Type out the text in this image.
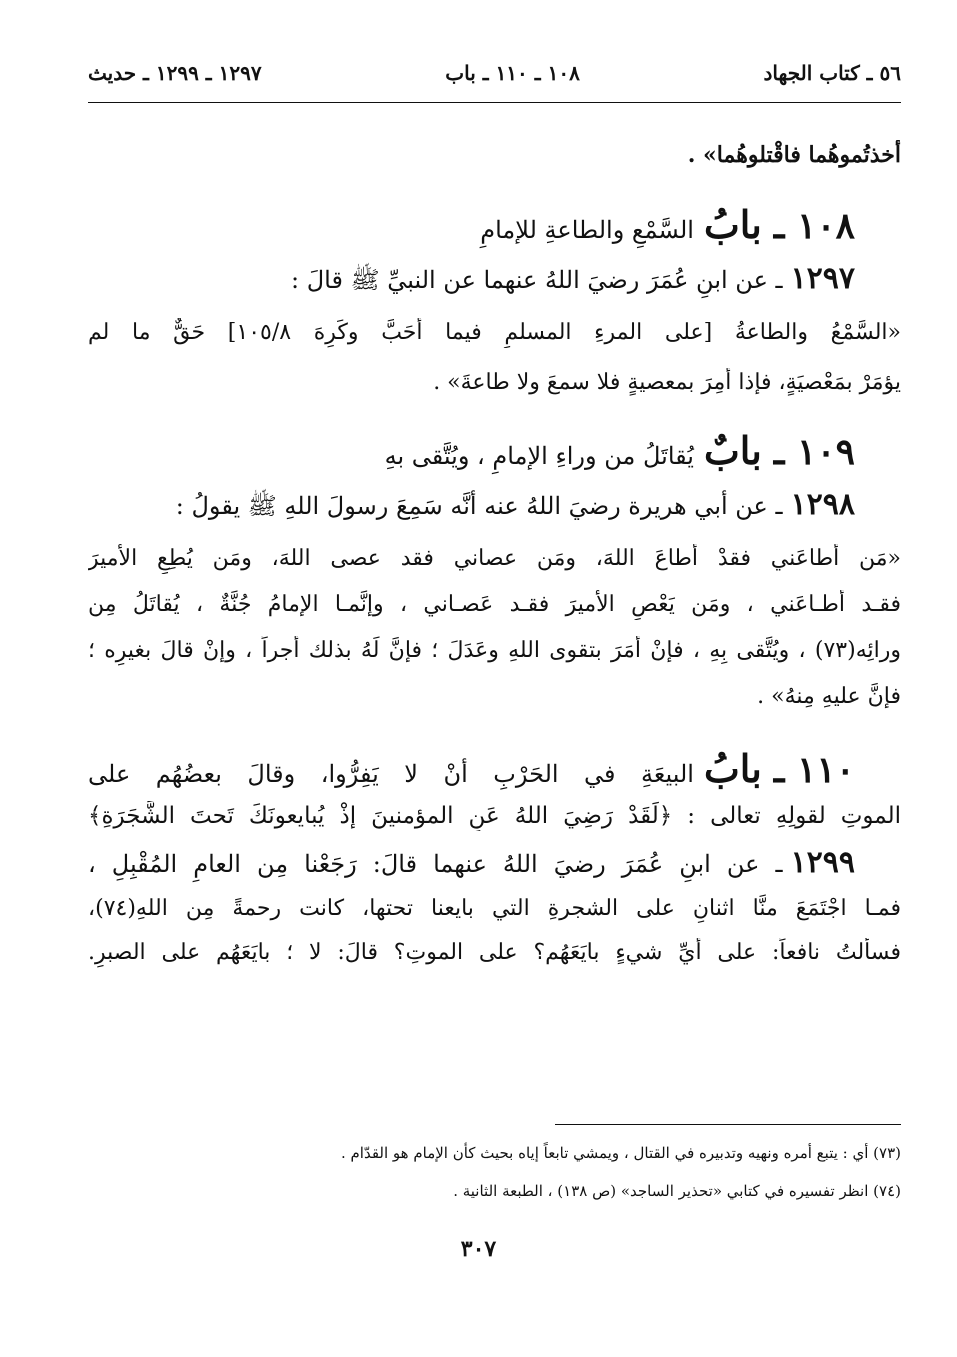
٥٦ ـ كتاب الجهاد
١٠٨ ـ ١١٠ ـ باب
١٢٩٧ ـ ١٢٩٩ ـ حديث
أخذتُموهُما فاقْتلوهُما» .
١٠٨ ـ
بابُ
السَّمْعِ والطاعةِ للإمامِ
١٢٩٧
ـ عن ابنِ عُمَرَ رضيَ اللهُ عنهما عن النبيِّ ﷺ قالَ :
«السَّمْعُ والطاعةُ [على المرءِ المسلمِ فيما أَحَبَّ وكَرِهَ ١٠٥/٨] حَقٌّ ما لم
يؤمَرْ بمَعْصيَةٍ، فإذا أُمِرَ بمعصيةٍ فلا سمعَ ولا طاعةَ» .
١٠٩ ـ
بابٌ
يُقاتَلُ من وراءِ الإمامِ ، ويُتَّقى بهِ
١٢٩٨
ـ عن أبي هريرة رضيَ اللهُ عنه أنَّه سَمِعَ رسولَ اللهِ ﷺ يقولُ :
«مَن أطاعَني فقدْ أطاعَ اللهَ، ومَن عصاني فقد عصى اللهَ، ومَن يُطِعِ الأميرَ
فقـد أطـاعَني ، ومَن يَعْصِ الأميرَ فقـد عَصـاني ، وإنَّمـا الإمامُ جُنَّةٌ ، يُقاتَلُ مِن
ورائِه(٧٣) ، ويُتَّقى بِهِ ، فإنْ أَمَرَ بتقوى اللهِ وعَدَلَ ؛ فإنَّ لَهُ بذلك أجراً ، وإنْ قالَ بغيرِه ؛
فإنَّ عليهِ مِنهُ» .
١١٠ ـ
بابُ
البيعَةِ في الحَرْبِ أنْ لا يَفِرُّوا، وقالَ بعضُهُم على
الموتِ لقولِهِ تعالى : ﴿لَقَدْ رَضِيَ اللهُ عَنِ المؤمنينَ إذْ يُبايعونَكَ تَحتَ الشَّجَرَةِ﴾
١٢٩٩
ـ عن ابنِ عُمَرَ رضيَ اللهُ عنهما قالَ: رَجَعْنا مِن العامِ المُقْبِلِ ،
فمـا اجْتَمَعَ منَّا اثنانِ على الشجرةِ التي بايعنا تحتها، كانت رحمةً مِن اللهِ(٧٤)،
فسألتُ نافعاً: على أيِّ شيءٍ بايَعَهُم؟ على الموتِ؟ قالَ: لا ؛ بايَعَهُم على الصبرِ.
(٧٣) أي : يتبع أمره ونهيه وتدبيره في القتال ، ويمشي تابعاً إياه بحيث كأن الإمام هو القدّام .
(٧٤) انظر تفسيره في كتابي «تحذير الساجد» (ص ١٣٨) ، الطبعة الثانية .
٣٠٧
